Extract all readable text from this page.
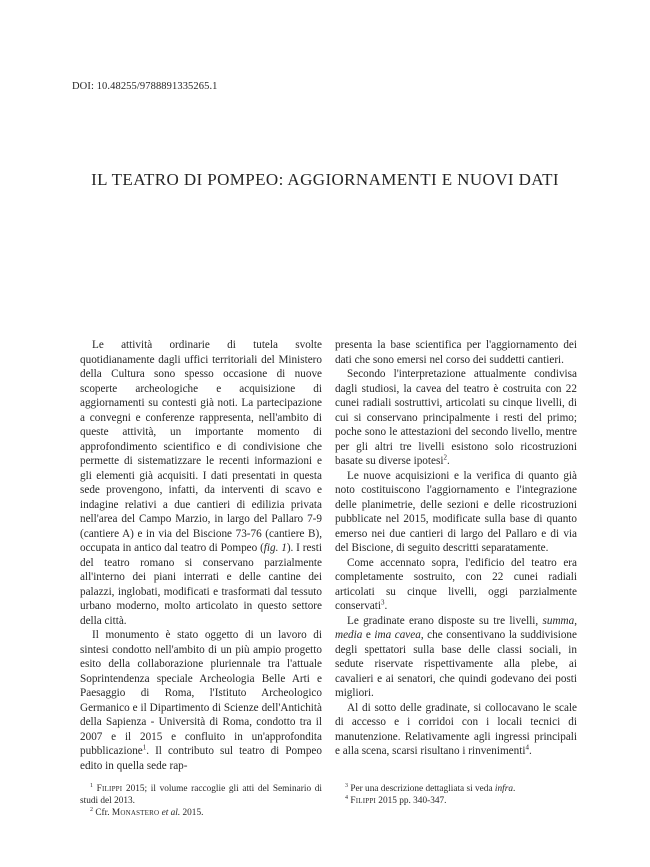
DOI: 10.48255/9788891335265.1
IL TEATRO DI POMPEO: AGGIORNAMENTI E NUOVI DATI

Le attività ordinarie di tutela svolte quotidianamente dagli uffici territoriali del Ministero della Cultura sono spesso occasione di nuove scoperte archeologiche e acquisizione di aggiornamenti su contesti già noti. La partecipazione a convegni e conferenze rappresenta, nell'ambito di queste attività, un importante momento di approfondimento scientifico e di condivisione che permette di sistematizzare le recenti informazioni e gli elementi già acquisiti. I dati presentati in questa sede provengono, infatti, da interventi di scavo e indagine relativi a due cantieri di edilizia privata nell'area del Campo Marzio, in largo del Pallaro 7-9 (cantiere A) e in via del Biscione 73-76 (cantiere B), occupata in antico dal teatro di Pompeo (fig. 1). I resti del teatro romano si conservano parzialmente all'interno dei piani interrati e delle cantine dei palazzi, inglobati, modificati e trasformati dal tessuto urbano moderno, molto articolato in questo settore della città.

Il monumento è stato oggetto di un lavoro di sintesi condotto nell'ambito di un più ampio progetto esito della collaborazione pluriennale tra l'attuale Soprintendenza speciale Archeologia Belle Arti e Paesaggio di Roma, l'Istituto Archeologico Germanico e il Dipartimento di Scienze dell'Antichità della Sapienza - Università di Roma, condotto tra il 2007 e il 2015 e confluito in un'approfondita pubblicazione$^1$. Il contributo sul teatro di Pompeo edito in quella sede rap-

presenta la base scientifica per l'aggiornamento dei dati che sono emersi nel corso dei suddetti cantieri.

Secondo l'interpretazione attualmente condivisa dagli studiosi, la cavea del teatro è costruita con 22 cunei radiali sostruttivi, articolati su cinque livelli, di cui si conservano principalmente i resti del primo; poche sono le attestazioni del secondo livello, mentre per gli altri tre livelli esistono solo ricostruzioni basate su diverse ipotesi$^2$.

Le nuove acquisizioni e la verifica di quanto già noto costituiscono l'aggiornamento e l'integrazione delle planimetrie, delle sezioni e delle ricostruzioni pubblicate nel 2015, modificate sulla base di quanto emerso nei due cantieri di largo del Pallaro e di via del Biscione, di seguito descritti separatamente.

Come accennato sopra, l'edificio del teatro era completamente sostruito, con 22 cunei radiali articolati su cinque livelli, oggi parzialmente conservati$^3$.

Le gradinate erano disposte su tre livelli, summa, media e ima cavea, che consentivano la suddivisione degli spettatori sulla base delle classi sociali, in sedute riservate rispettivamente alla plebe, ai cavalieri e ai senatori, che quindi godevano dei posti migliori.

Al di sotto delle gradinate, si collocavano le scale di accesso e i corridoi con i locali tecnici di manutenzione. Relativamente agli ingressi principali e alla scena, scarsi risultano i rinvenimenti$^4$.

$^1$ Filippi 2015; il volume raccoglie gli atti del Seminario di studi del 2013.

$^2$ Cfr. Monastero et al. 2015.

$^3$ Per una descrizione dettagliata si veda infra.

$^4$ Filippi 2015 pp. 340-347.
